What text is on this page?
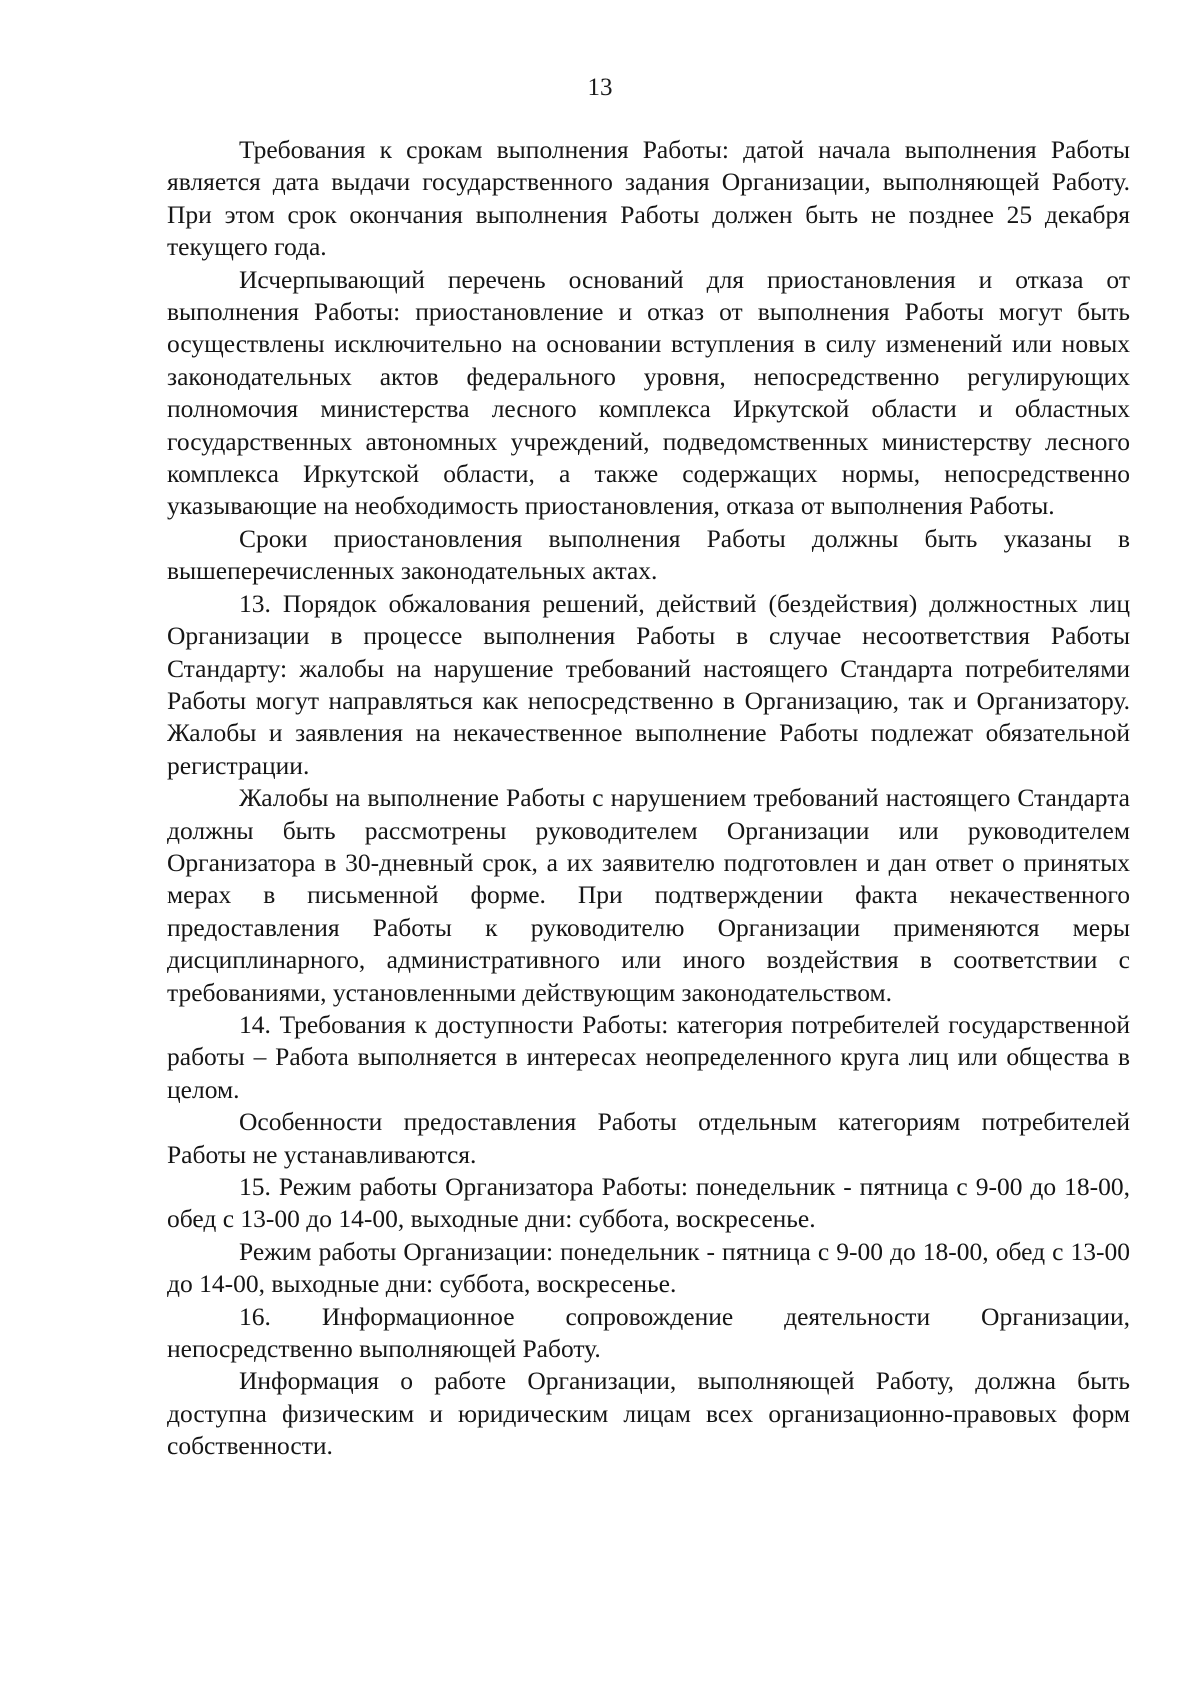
13

Требования к срокам выполнения Работы: датой начала выполнения Работы является дата выдачи государственного задания Организации, выполняющей Работу. При этом срок окончания выполнения Работы должен быть не позднее 25 декабря текущего года.

Исчерпывающий перечень оснований для приостановления и отказа от выполнения Работы: приостановление и отказ от выполнения Работы могут быть осуществлены исключительно на основании вступления в силу изменений или новых законодательных актов федерального уровня, непосредственно регулирующих полномочия министерства лесного комплекса Иркутской области и областных государственных автономных учреждений, подведомственных министерству лесного комплекса Иркутской области, а также содержащих нормы, непосредственно указывающие на необходимость приостановления, отказа от выполнения Работы.

Сроки приостановления выполнения Работы должны быть указаны в вышеперечисленных законодательных актах.

13. Порядок обжалования решений, действий (бездействия) должностных лиц Организации в процессе выполнения Работы в случае несоответствия Работы Стандарту: жалобы на нарушение требований настоящего Стандарта потребителями Работы могут направляться как непосредственно в Организацию, так и Организатору. Жалобы и заявления на некачественное выполнение Работы подлежат обязательной регистрации.

Жалобы на выполнение Работы с нарушением требований настоящего Стандарта должны быть рассмотрены руководителем Организации или руководителем Организатора в 30-дневный срок, а их заявителю подготовлен и дан ответ о принятых мерах в письменной форме. При подтверждении факта некачественного предоставления Работы к руководителю Организации применяются меры дисциплинарного, административного или иного воздействия в соответствии с требованиями, установленными действующим законодательством.

14. Требования к доступности Работы: категория потребителей государственной работы – Работа выполняется в интересах неопределенного круга лиц или общества в целом.

Особенности предоставления Работы отдельным категориям потребителей Работы не устанавливаются.

15. Режим работы Организатора Работы: понедельник - пятница с 9-00 до 18-00, обед с 13-00 до 14-00, выходные дни: суббота, воскресенье.

Режим работы Организации: понедельник - пятница с 9-00 до 18-00, обед с 13-00 до 14-00, выходные дни: суббота, воскресенье.

16. Информационное сопровождение деятельности Организации, непосредственно выполняющей Работу.

Информация о работе Организации, выполняющей Работу, должна быть доступна физическим и юридическим лицам всех организационно-правовых форм собственности.
